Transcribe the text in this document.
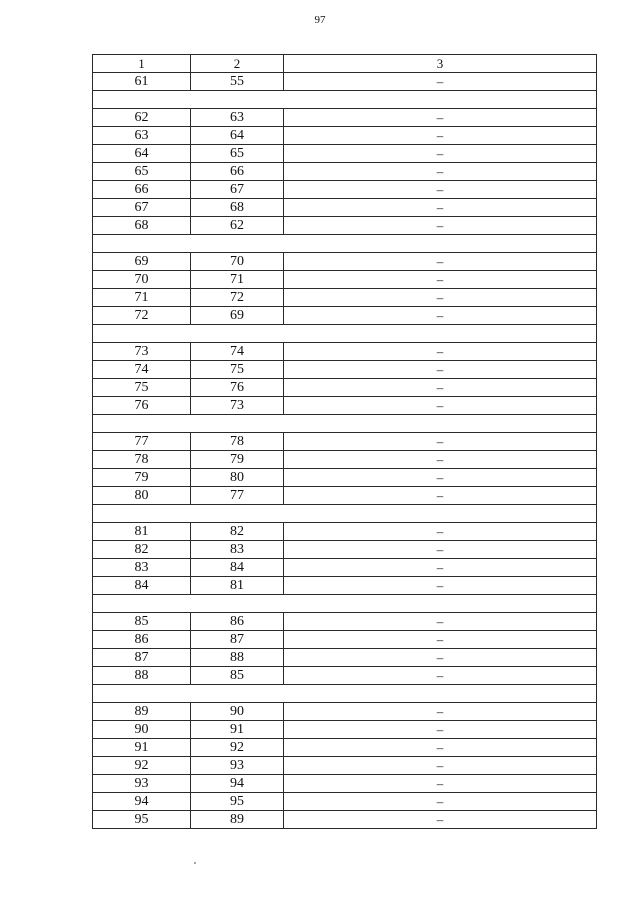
97
1	2	3
61	55	–

62	63	–
63	64	–
64	65	–
65	66	–
66	67	–
67	68	–
68	62	–

69	70	–
70	71	–
71	72	–
72	69	–

73	74	–
74	75	–
75	76	–
76	73	–

77	78	–
78	79	–
79	80	–
80	77	–

81	82	–
82	83	–
83	84	–
84	81	–

85	86	–
86	87	–
87	88	–
88	85	–

89	90	–
90	91	–
91	92	–
92	93	–
93	94	–
94	95	–
95	89	–
